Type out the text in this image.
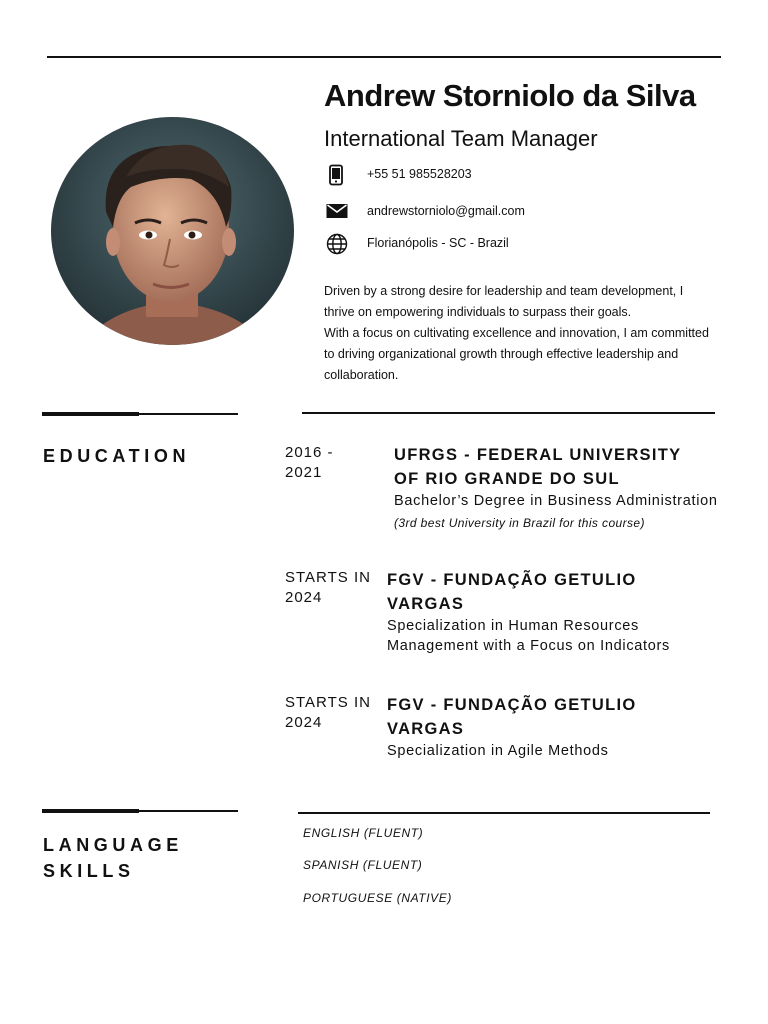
Andrew Storniolo da Silva
International Team Manager
+55 51 985528203
andrewstorniolo@gmail.com
Florianópolis - SC - Brazil

Driven by a strong desire for leadership and team development, I thrive on empowering individuals to surpass their goals.

With a focus on cultivating excellence and innovation, I am committed to driving organizational growth through effective leadership and collaboration.

EDUCATION	2016 -
2021
UFRGS - FEDERAL UNIVERSITY
OF RIO GRANDE DO SUL
Bachelor’s Degree in Business Administration
(3rd best University in Brazil for this course)
STARTS IN
2024
FGV - FUNDAÇÃO GETULIO
VARGAS
Specialization in Human Resources
Management with a Focus on Indicators
STARTS IN
2024
FGV - FUNDAÇÃO GETULIO
VARGAS
Specialization in Agile Methods
LANGUAGE
SKILLS
ENGLISH (FLUENT)
SPANISH (FLUENT)
PORTUGUESE (NATIVE)
